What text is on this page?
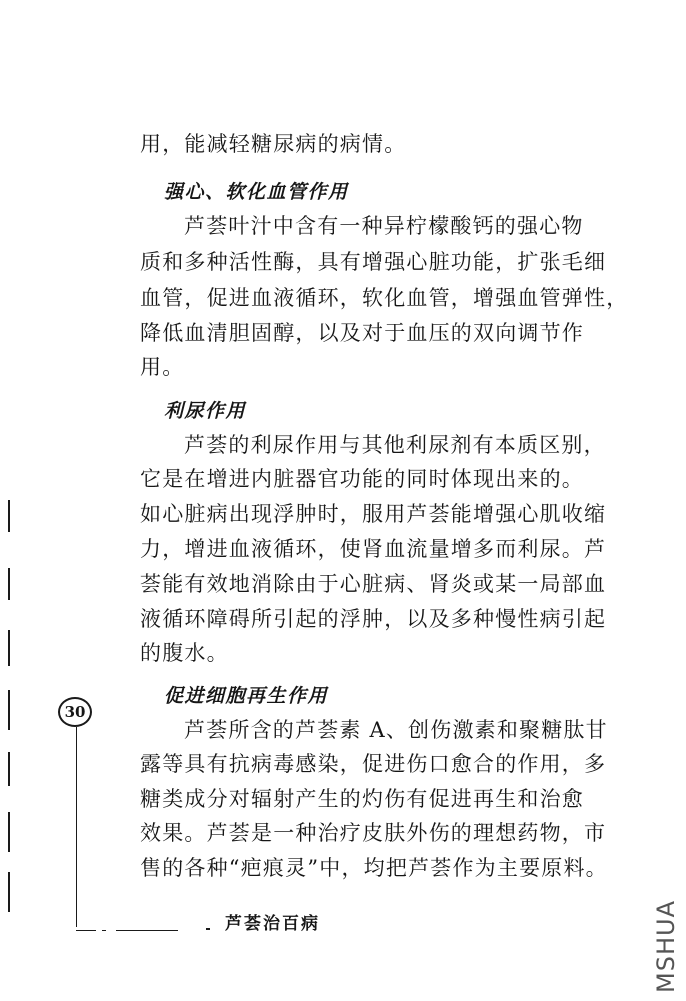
用，能减轻糖尿病的病情。
强心、软化血管作用
芦荟叶汁中含有一种异柠檬酸钙的强心物
质和多种活性酶，具有增强心脏功能，扩张毛细
血管，促进血液循环，软化血管，增强血管弹性，
降低血清胆固醇，以及对于血压的双向调节作
用。
利尿作用
芦荟的利尿作用与其他利尿剂有本质区别，
它是在增进内脏器官功能的同时体现出来的。
如心脏病出现浮肿时，服用芦荟能增强心肌收缩
力，增进血液循环，使肾血流量增多而利尿。芦
荟能有效地消除由于心脏病、肾炎或某一局部血
液循环障碍所引起的浮肿，以及多种慢性病引起
的腹水。
促进细胞再生作用
芦荟所含的芦荟素 A、创伤激素和聚糖肽甘
露等具有抗病毒感染，促进伤口愈合的作用，多
糖类成分对辐射产生的灼伤有促进再生和治愈
效果。芦荟是一种治疗皮肤外伤的理想药物，市
售的各种“疤痕灵”中，均把芦荟作为主要原料。
30
芦荟治百病	MSHUA
